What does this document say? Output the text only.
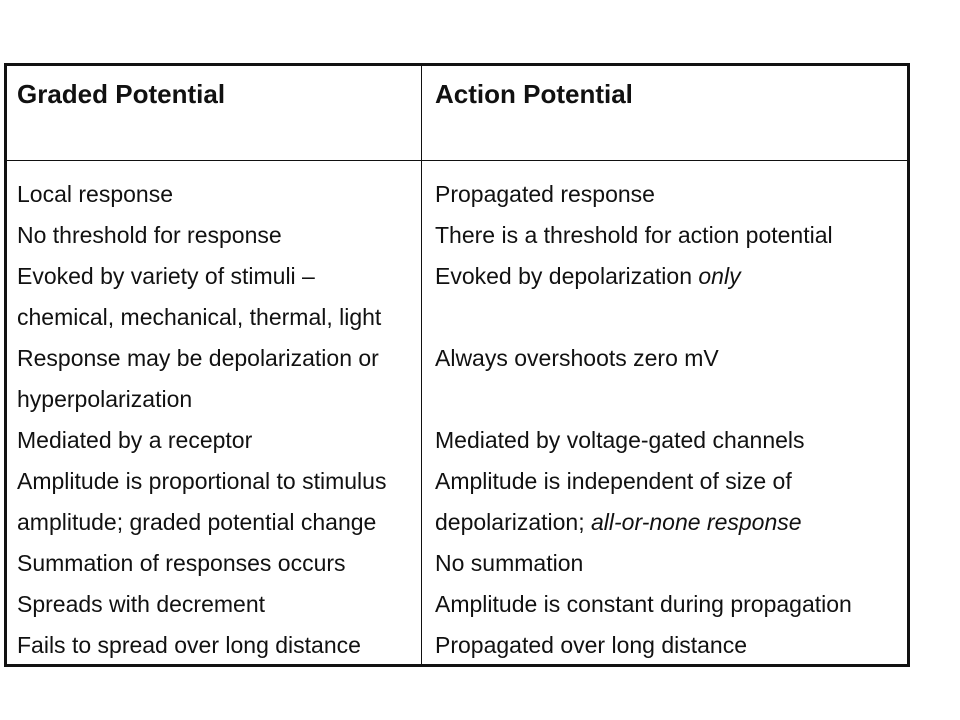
Graded Potential	Action Potential
Local response
No threshold for response
Evoked by variety of stimuli –
chemical, mechanical, thermal, light
Response may be depolarization or
hyperpolarization
Mediated by a receptor
Amplitude is proportional to stimulus
amplitude; graded potential change
Summation of responses occurs
Spreads with decrement
Fails to spread over long distance
Propagated response
There is a threshold for action potential
Evoked by depolarization only
Always overshoots zero mV
Mediated by voltage-gated channels
Amplitude is independent of size of
depolarization; all-or-none response
No summation
Amplitude is constant during propagation
Propagated over long distance
